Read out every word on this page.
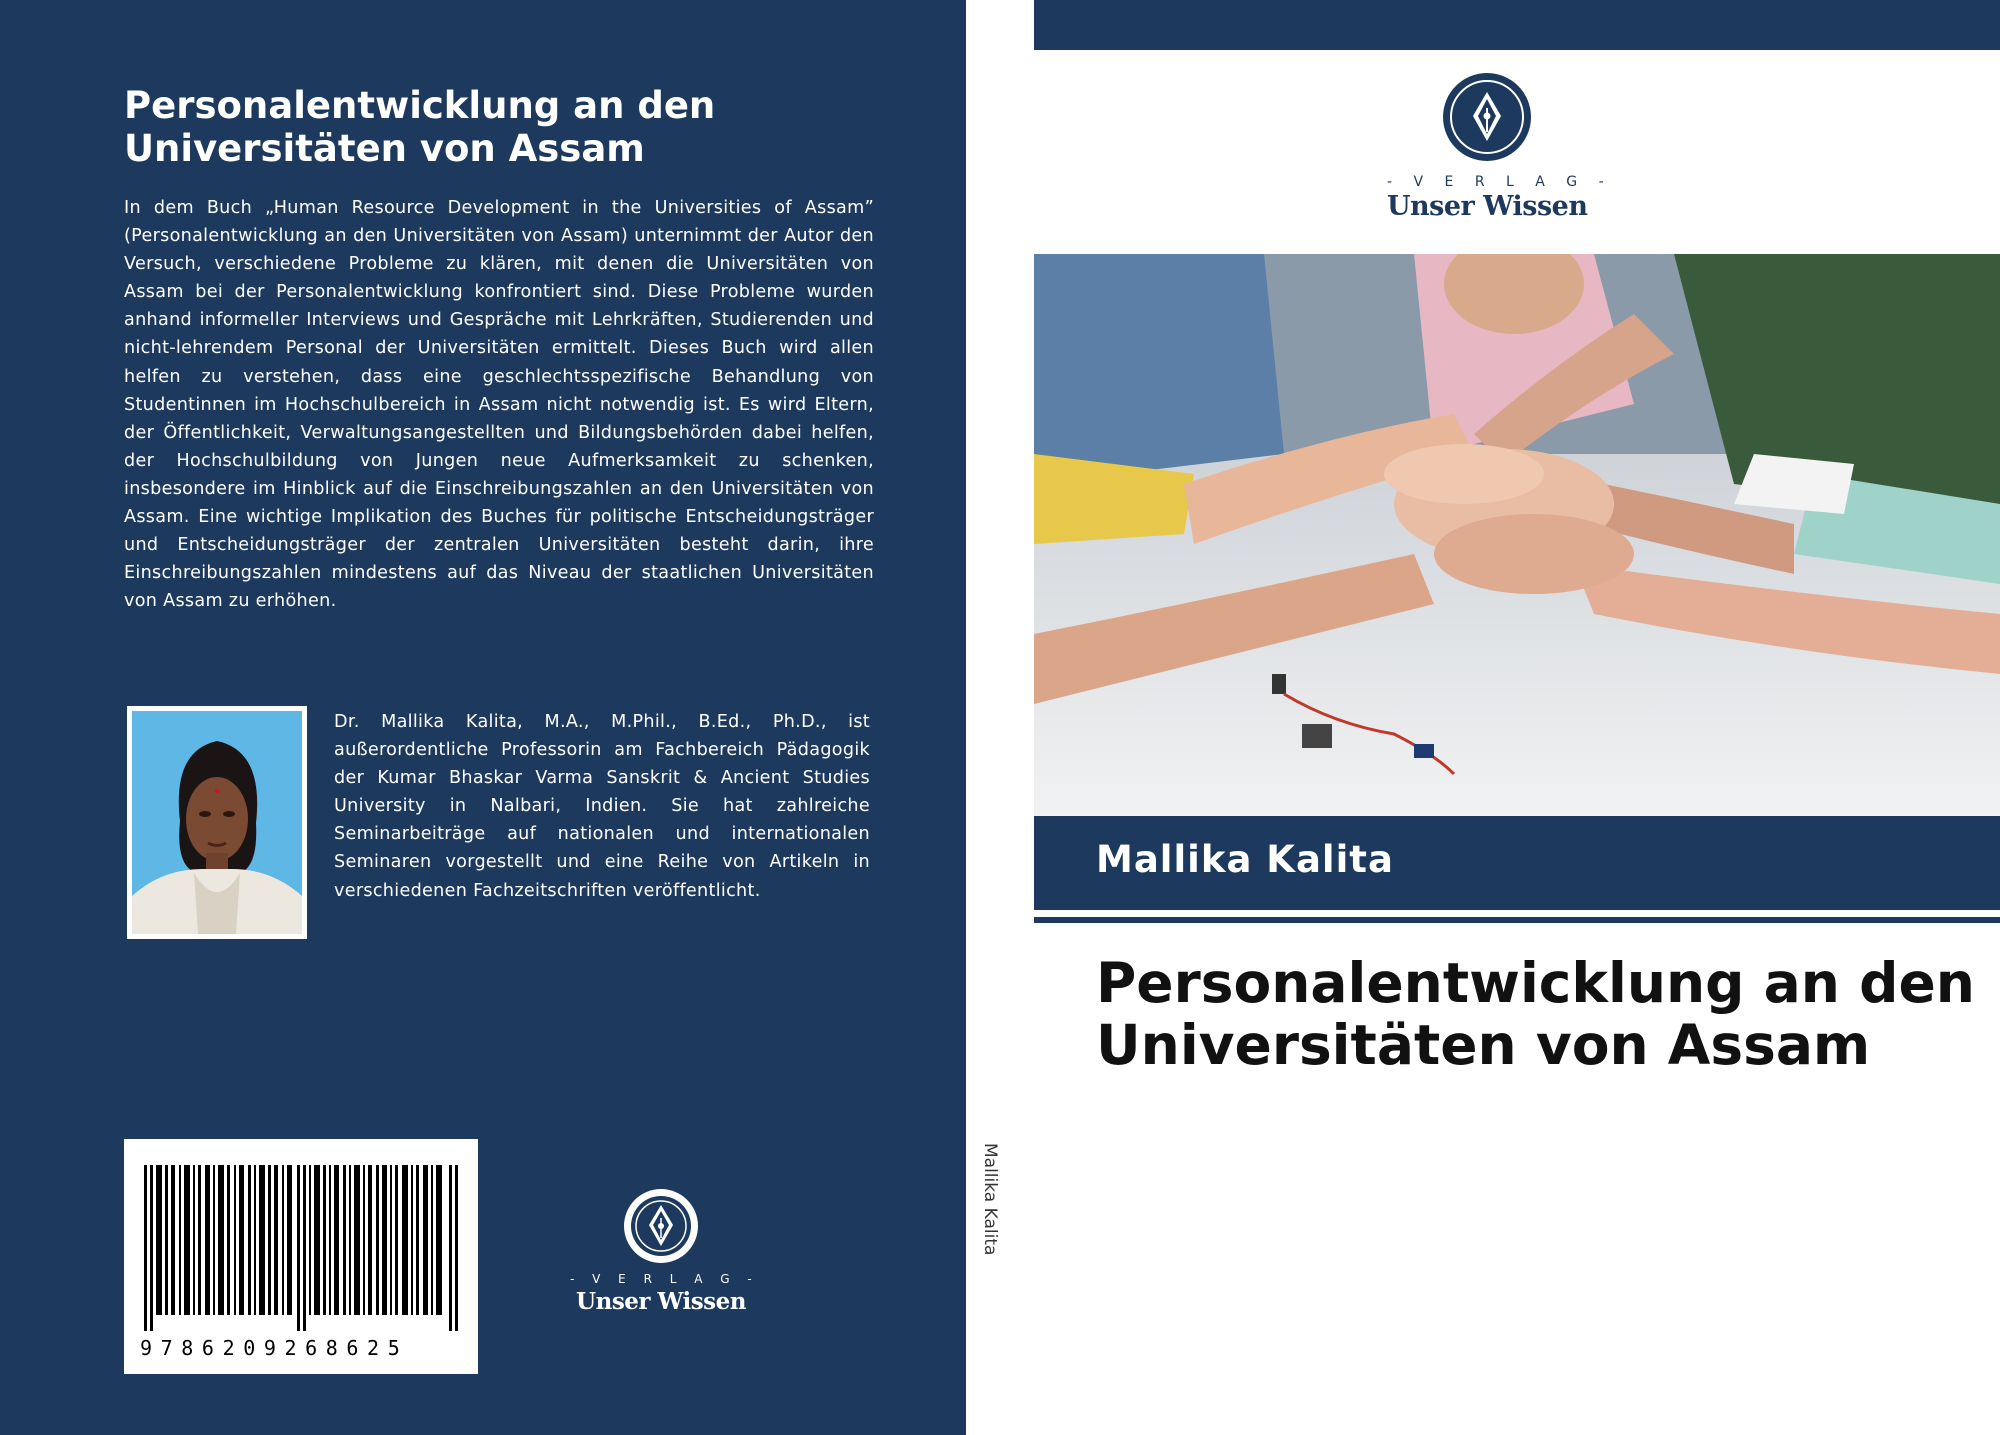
Personalentwicklung an den Universitäten von Assam

In dem Buch „Human Resource Development in the Universities of Assam” (Personalentwicklung an den Universitäten von Assam) unternimmt der Autor den Versuch, verschiedene Probleme zu klären, mit denen die Universitäten von Assam bei der Personalentwicklung konfrontiert sind. Diese Probleme wurden anhand informeller Interviews und Gespräche mit Lehrkräften, Studierenden und nicht-lehrendem Personal der Universitäten ermittelt. Dieses Buch wird allen helfen zu verstehen, dass eine geschlechtsspezifische Behandlung von Studentinnen im Hochschulbereich in Assam nicht notwendig ist. Es wird Eltern, der Öffentlichkeit, Verwaltungsangestellten und Bildungsbehörden dabei helfen, der Hochschulbildung von Jungen neue Aufmerksamkeit zu schenken, insbesondere im Hinblick auf die Einschreibungszahlen an den Universitäten von Assam. Eine wichtige Implikation des Buches für politische Entscheidungsträger und Entscheidungsträger der zentralen Universitäten besteht darin, ihre Einschreibungszahlen mindestens auf das Niveau der staatlichen Universitäten von Assam zu erhöhen.

Dr. Mallika Kalita, M.A., M.Phil., B.Ed., Ph.D., ist außerordentliche Professorin am Fachbereich Pädagogik der Kumar Bhaskar Varma Sanskrit & Ancient Studies University in Nalbari, Indien. Sie hat zahlreiche Seminarbeiträge auf nationalen und internationalen Seminaren vorgestellt und eine Reihe von Artikeln in verschiedenen Fachzeitschriften veröffentlicht.

9786209268625
- V E R L A G -
Unser Wissen
Mallika Kalita
- V E R L A G -
Unser Wissen
Mallika Kalita
Personalentwicklung an den Universitäten von Assam
